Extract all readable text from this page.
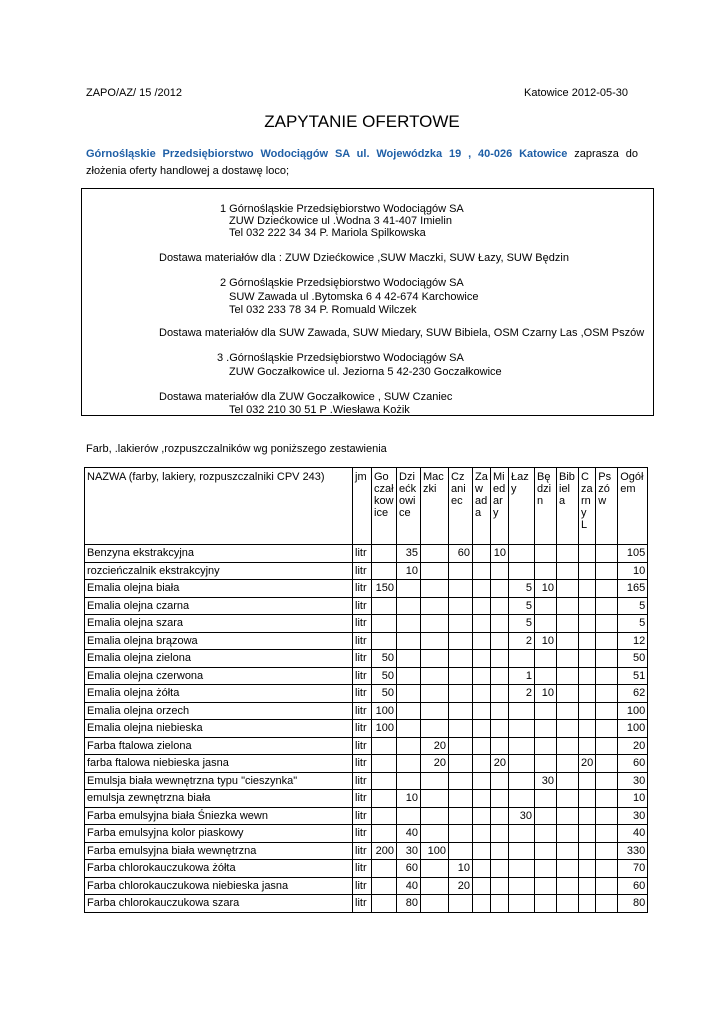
ZAPO/AZ/ 15 /2012	Katowice 2012-05-30
ZAPYTANIE OFERTOWE
Górnośląskie Przedsiębiorstwo Wodociągów SA ul. Wojewódzka 19 , 40-026 Katowice zaprasza do złożenia oferty handlowej a dostawę loco;
1 Górnośląskie Przedsiębiorstwo Wodociągów SA
ZUW Dziećkowice ul .Wodna 3 41-407 Imielin
Tel 032 222 34 34 P. Mariola Spilkowska
Dostawa materiałów dla : ZUW Dziećkowice ,SUW Maczki, SUW Łazy, SUW Będzin
2 Górnośląskie Przedsiębiorstwo Wodociągów SA
SUW Zawada ul .Bytomska 6 4 42-674 Karchowice
Tel 032 233 78 34 P. Romuald Wilczek
Dostawa materiałów dla SUW Zawada, SUW Miedary, SUW Bibiela, OSM Czarny Las ,OSM Pszów
3 .Górnośląskie Przedsiębiorstwo Wodociągów SA
ZUW Goczałkowice ul. Jeziorna 5 42-230 Goczałkowice
Dostawa materiałów dla ZUW Goczałkowice , SUW Czaniec
Tel 032 210 30 51 P .Wiesława Kożik
Farb, .lakierów ,rozpuszczalników wg poniższego zestawienia
NAZWA (farby, lakiery, rozpuszczalniki CPV 243)	jm	Goczałkowice	Dziećkowice	Maczki	Czaniec	Zawada	Miedary	Łazy	Będzin	Bibiela	Czarny L	Pszów	Ogółem
Benzyna ekstrakcyjna	litr		35		60		10						105
rozcieńczalnik ekstrakcyjny	litr		10										10
Emalia olejna biała	litr	150						5	10				165
Emalia olejna czarna	litr							5					5
Emalia olejna szara	litr							5					5
Emalia olejna brązowa	litr							2	10				12
Emalia olejna zielona	litr	50											50
Emalia olejna czerwona	litr	50						1					51
Emalia olejna żółta	litr	50						2	10				62
Emalia olejna orzech	litr	100											100
Emalia olejna niebieska	litr	100											100
Farba ftalowa zielona	litr			20									20
farba ftalowa niebieska jasna	litr			20			20				20		60
Emulsja biała wewnętrzna typu "cieszynka"	litr								30				30
emulsja zewnętrzna biała	litr		10										10
Farba emulsyjna biała Śniezka wewn	litr							30					30
Farba emulsyjna kolor piaskowy	litr		40										40
Farba emulsyjna biała wewnętrzna	litr	200	30	100									330
Farba chlorokauczukowa żółta	litr		60		10								70
Farba chlorokauczukowa niebieska jasna	litr		40		20								60
Farba chlorokauczukowa szara	litr		80										80
